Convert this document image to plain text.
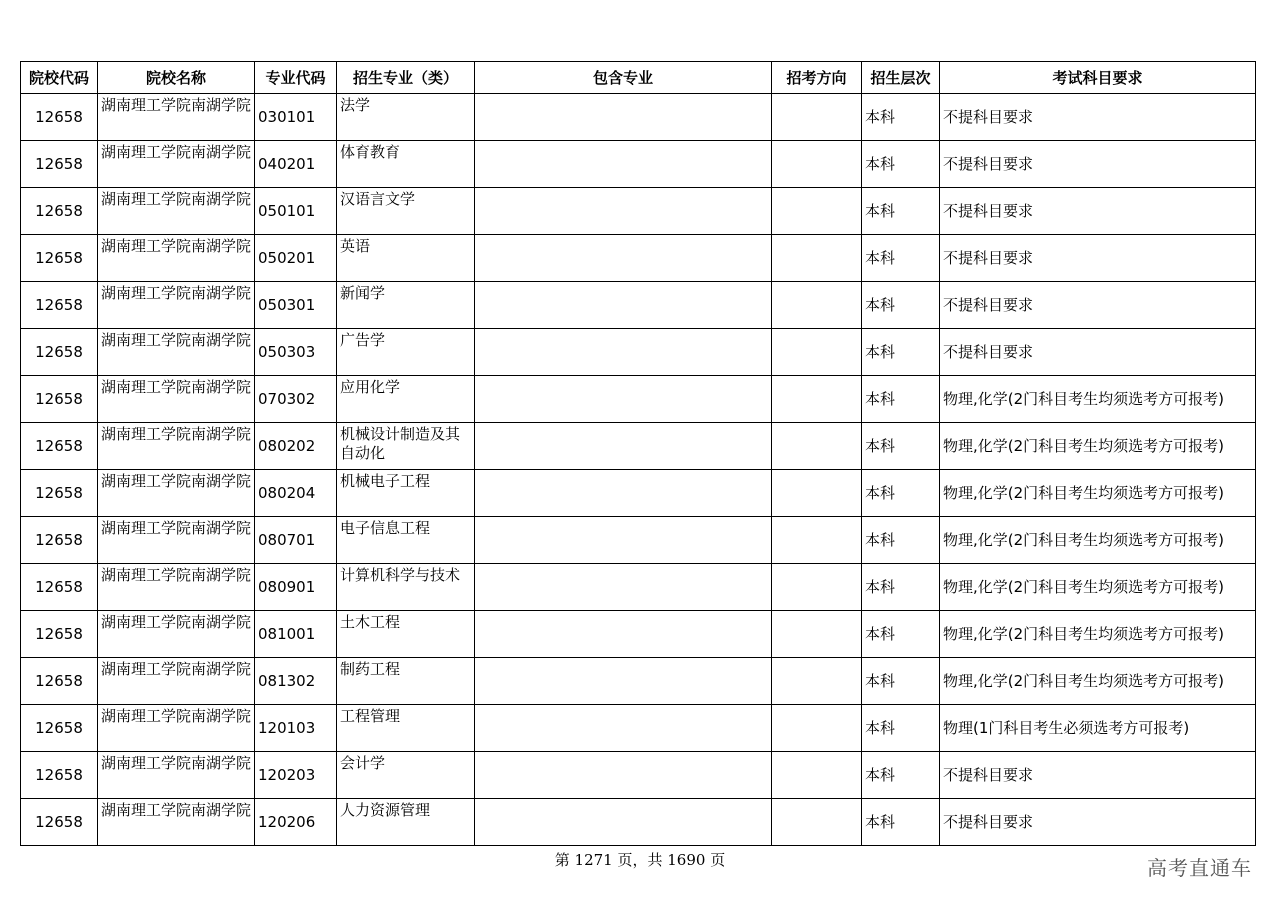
院校代码	院校名称	专业代码	招生专业（类）	包含专业	招考方向	招生层次	考试科目要求
12658	湖南理工学院南湖学院	030101	法学			本科	不提科目要求
12658	湖南理工学院南湖学院	040201	体育教育			本科	不提科目要求
12658	湖南理工学院南湖学院	050101	汉语言文学			本科	不提科目要求
12658	湖南理工学院南湖学院	050201	英语			本科	不提科目要求
12658	湖南理工学院南湖学院	050301	新闻学			本科	不提科目要求
12658	湖南理工学院南湖学院	050303	广告学			本科	不提科目要求
12658	湖南理工学院南湖学院	070302	应用化学			本科	物理,化学(2门科目考生均须选考方可报考)
12658	湖南理工学院南湖学院	080202	机械设计制造及其自动化			本科	物理,化学(2门科目考生均须选考方可报考)
12658	湖南理工学院南湖学院	080204	机械电子工程			本科	物理,化学(2门科目考生均须选考方可报考)
12658	湖南理工学院南湖学院	080701	电子信息工程			本科	物理,化学(2门科目考生均须选考方可报考)
12658	湖南理工学院南湖学院	080901	计算机科学与技术			本科	物理,化学(2门科目考生均须选考方可报考)
12658	湖南理工学院南湖学院	081001	土木工程			本科	物理,化学(2门科目考生均须选考方可报考)
12658	湖南理工学院南湖学院	081302	制药工程			本科	物理,化学(2门科目考生均须选考方可报考)
12658	湖南理工学院南湖学院	120103	工程管理			本科	物理(1门科目考生必须选考方可报考)
12658	湖南理工学院南湖学院	120203	会计学			本科	不提科目要求
12658	湖南理工学院南湖学院	120206	人力资源管理			本科	不提科目要求
第 1271 页，共 1690 页	高考直通车
